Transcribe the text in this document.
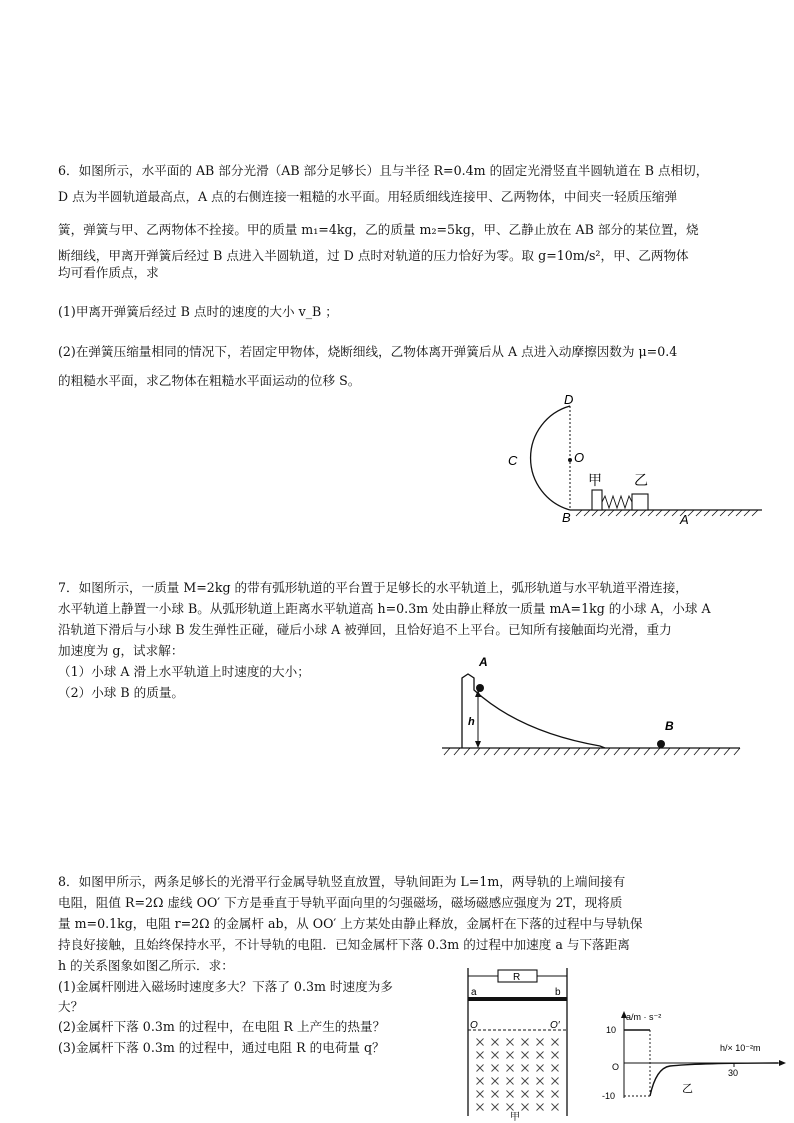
6．如图所示，水平面的 AB 部分光滑（AB 部分足够长）且与半径 R=0.4m 的固定光滑竖直半圆轨道在 B 点相切，
D 点为半圆轨道最高点，A 点的右侧连接一粗糙的水平面。用轻质细线连接甲、乙两物体，中间夹一轻质压缩弹
簧，弹簧与甲、乙两物体不拴接。甲的质量 m₁=4kg，乙的质量 m₂=5kg，甲、乙静止放在 AB 部分的某位置，烧
断细线，甲离开弹簧后经过 B 点进入半圆轨道，过 D 点时对轨道的压力恰好为零。取 g=10m/s²，甲、乙两物体
均可看作质点，求
(1)甲离开弹簧后经过 B 点时的速度的大小 v_B ；
(2)在弹簧压缩量相同的情况下，若固定甲物体，烧断细线，乙物体离开弹簧后从 A 点进入动摩擦因数为 μ=0.4
的粗糙水平面，求乙物体在粗糙水平面运动的位移 S。
D
C	O
B	A
甲 乙
7．如图所示，一质量 M=2kg 的带有弧形轨道的平台置于足够长的水平轨道上，弧形轨道与水平轨道平滑连接，
水平轨道上静置一小球 B。从弧形轨道上距离水平轨道高 h=0.3m 处由静止释放一质量 mA=1kg 的小球 A，小球 A
沿轨道下滑后与小球 B 发生弹性正碰，碰后小球 A 被弹回，且恰好追不上平台。已知所有接触面均光滑，重力
加速度为 g，试求解：
（1）小球 A 滑上水平轨道上时速度的大小；
（2）小球 B 的质量。
A
B
h
8．如图甲所示，两条足够长的光滑平行金属导轨竖直放置，导轨间距为 L=1m，两导轨的上端间接有
电阻，阻值 R=2Ω 虚线 OO′ 下方是垂直于导轨平面向里的匀强磁场，磁场磁感应强度为 2T，现将质
量 m=0.1kg，电阻 r=2Ω 的金属杆 ab，从 OO′ 上方某处由静止释放，金属杆在下落的过程中与导轨保
持良好接触，且始终保持水平，不计导轨的电阻．已知金属杆下落 0.3m 的过程中加速度 a 与下落距离
h 的关系图象如图乙所示．求：
(1)金属杆刚进入磁场时速度多大？下落了 0.3m 时速度为多
大？
(2)金属杆下落 0.3m 的过程中，在电阻 R 上产生的热量？
(3)金属杆下落 0.3m 的过程中，通过电阻 R 的电荷量 q？
R
a	b
O	O′
甲
a/m · s⁻²
h/× 10⁻²m
10
-10
O
30
乙
